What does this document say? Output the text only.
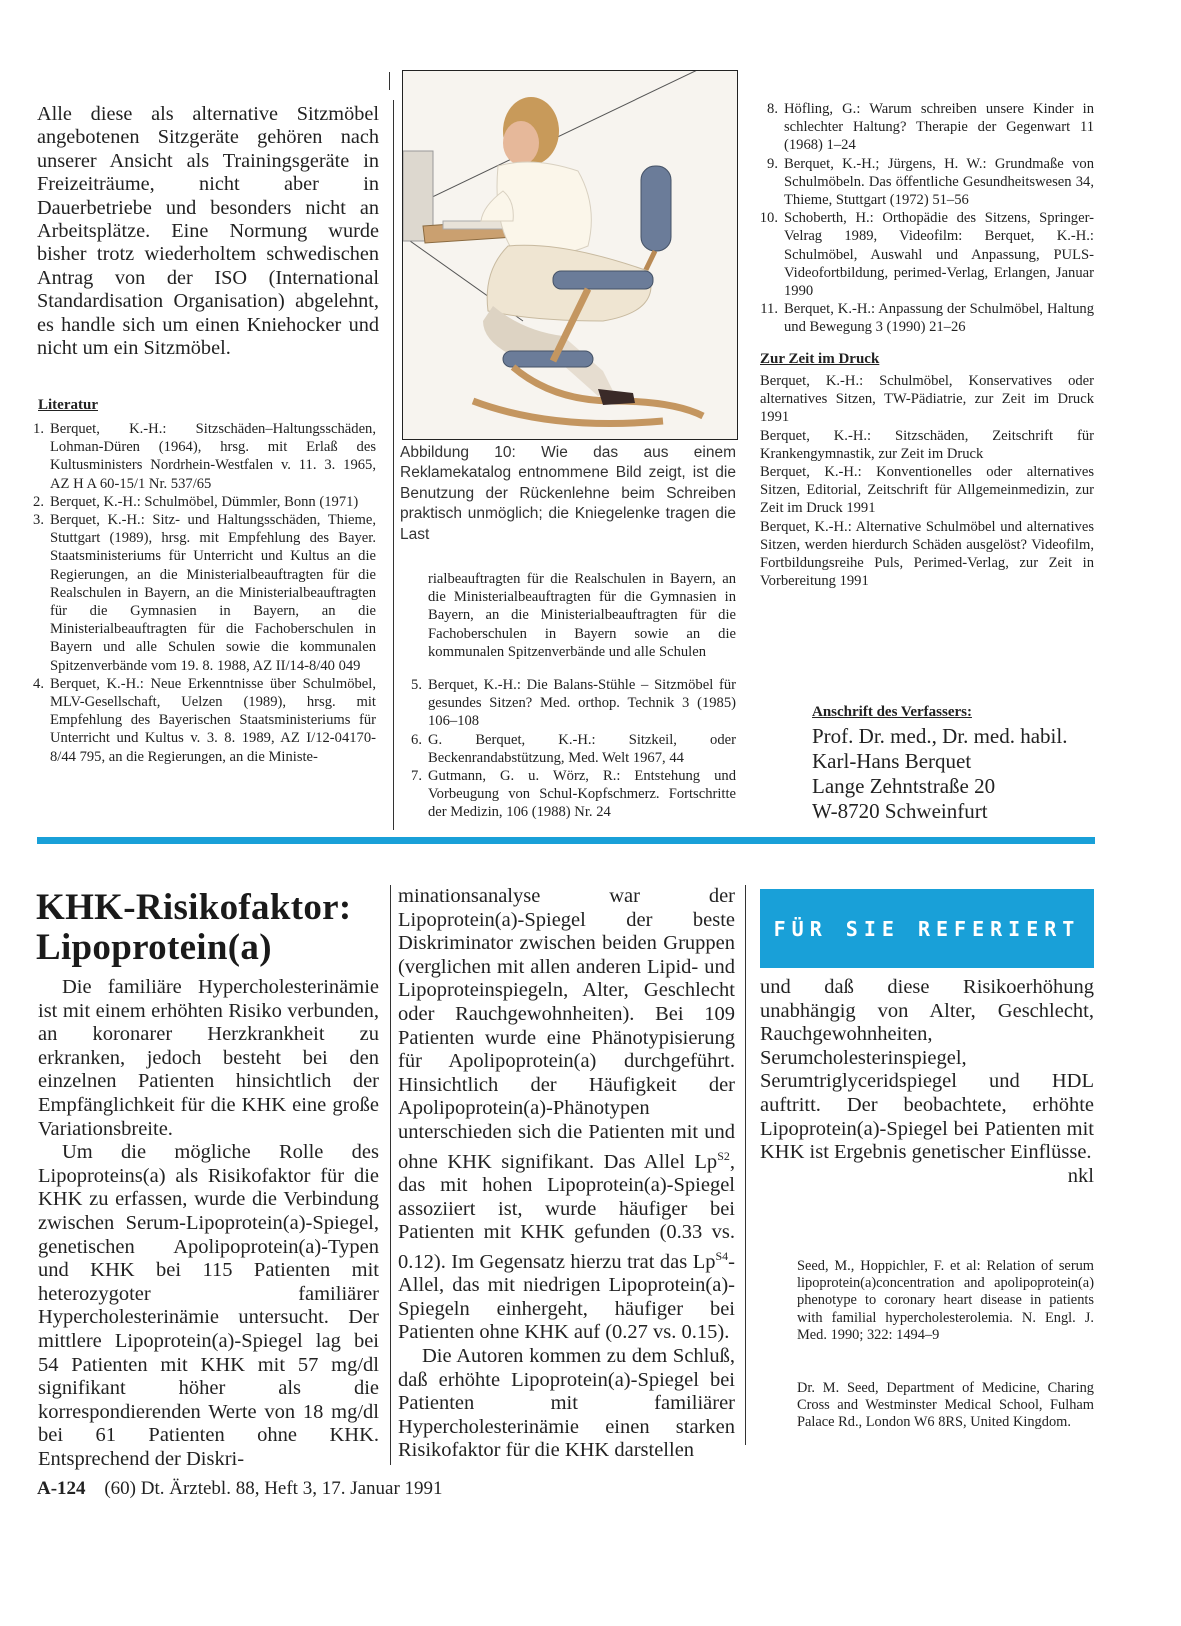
Alle diese als alternative Sitzmöbel angebotenen Sitzgeräte gehören nach unserer Ansicht als Trainingsgeräte in Freizeiträume, nicht aber in Dauerbetriebe und besonders nicht an Arbeitsplätze. Eine Normung wurde bisher trotz wiederholtem schwedischen Antrag von der ISO (International Standardisation Organisation) abgelehnt, es handle sich um einen Kniehocker und nicht um ein Sitzmöbel.
Literatur
1. Berquet, K.-H.: Sitzschäden–Haltungsschäden, Lohman-Düren (1964), hrsg. mit Erlaß des Kultusministers Nordrhein-Westfalen v. 11. 3. 1965, AZ H A 60-15/1 Nr. 537/65
2. Berquet, K.-H.: Schulmöbel, Dümmler, Bonn (1971)
3. Berquet, K.-H.: Sitz- und Haltungsschäden, Thieme, Stuttgart (1989), hrsg. mit Empfehlung des Bayer. Staatsministeriums für Unterricht und Kultus an die Regierungen, an die Ministerialbeauftragten für die Realschulen in Bayern, an die Ministerialbeauftragten für die Gymnasien in Bayern, an die Ministerialbeauftragten für die Fachoberschulen in Bayern und alle Schulen sowie die kommunalen Spitzenverbände vom 19. 8. 1988, AZ II/14-8/40 049
4. Berquet, K.-H.: Neue Erkenntnisse über Schulmöbel, MLV-Gesellschaft, Uelzen (1989), hrsg. mit Empfehlung des Bayerischen Staatsministeriums für Unterricht und Kultus v. 3. 8. 1989, AZ I/12-04170- 8/44 795, an die Regierungen, an die Ministe-
Abbildung 10: Wie das aus einem Reklamekatalog entnommene Bild zeigt, ist die Benutzung der Rückenlehne beim Schreiben praktisch unmöglich; die Kniegelenke tragen die Last
rialbeauftragten für die Realschulen in Bayern, an die Ministerialbeauftragten für die Gymnasien in Bayern, an die Ministerialbeauftragten für die Fachoberschulen in Bayern sowie an die kommunalen Spitzenverbände und alle Schulen
5. Berquet, K.-H.: Die Balans-Stühle – Sitzmöbel für gesundes Sitzen? Med. orthop. Technik 3 (1985) 106–108
6. G. Berquet, K.-H.: Sitzkeil, oder Beckenrandabstützung, Med. Welt 1967, 44
7. Gutmann, G. u. Wörz, R.: Entstehung und Vorbeugung von Schul-Kopfschmerz. Fortschritte der Medizin, 106 (1988) Nr. 24
8. Höfling, G.: Warum schreiben unsere Kinder in schlechter Haltung? Therapie der Gegenwart 11 (1968) 1–24
9. Berquet, K.-H.; Jürgens, H. W.: Grundmaße von Schulmöbeln. Das öffentliche Gesundheitswesen 34, Thieme, Stuttgart (1972) 51–56
10. Schoberth, H.: Orthopädie des Sitzens, Springer-Velrag 1989, Videofilm: Berquet, K.-H.: Schulmöbel, Auswahl und Anpassung, PULS-Videofortbildung, perimed-Verlag, Erlangen, Januar 1990
11. Berquet, K.-H.: Anpassung der Schulmöbel, Haltung und Bewegung 3 (1990) 21–26
Zur Zeit im Druck
Berquet, K.-H.: Schulmöbel, Konservatives oder alternatives Sitzen, TW-Pädiatrie, zur Zeit im Druck 1991
Berquet, K.-H.: Sitzschäden, Zeitschrift für Krankengymnastik, zur Zeit im Druck
Berquet, K.-H.: Konventionelles oder alternatives Sitzen, Editorial, Zeitschrift für Allgemeinmedizin, zur Zeit im Druck 1991
Berquet, K.-H.: Alternative Schulmöbel und alternatives Sitzen, werden hierdurch Schäden ausgelöst? Videofilm, Fortbildungsreihe Puls, Perimed-Verlag, zur Zeit in Vorbereitung 1991
Anschrift des Verfassers:
Prof. Dr. med., Dr. med. habil.
Karl-Hans Berquet
Lange Zehntstraße 20
W-8720 Schweinfurt
KHK-Risikofaktor:
Lipoprotein(a)
Die familiäre Hypercholesterinämie ist mit einem erhöhten Risiko verbunden, an koronarer Herzkrankheit zu erkranken, jedoch besteht bei den einzelnen Patienten hinsichtlich der Empfänglichkeit für die KHK eine große Variationsbreite.
Um die mögliche Rolle des Lipoproteins(a) als Risikofaktor für die KHK zu erfassen, wurde die Verbindung zwischen Serum-Lipoprotein(a)-Spiegel, genetischen Apolipoprotein(a)-Typen und KHK bei 115 Patienten mit heterozygoter familiärer Hypercholesterinämie untersucht. Der mittlere Lipoprotein(a)-Spiegel lag bei 54 Patienten mit KHK mit 57 mg/dl signifikant höher als die korrespondierenden Werte von 18 mg/dl bei 61 Patienten ohne KHK. Entsprechend der Diskri-
minationsanalyse war der Lipoprotein(a)-Spiegel der beste Diskriminator zwischen beiden Gruppen (verglichen mit allen anderen Lipid- und Lipoproteinspiegeln, Alter, Geschlecht oder Rauchgewohnheiten). Bei 109 Patienten wurde eine Phänotypisierung für Apolipoprotein(a) durchgeführt. Hinsichtlich der Häufigkeit der Apolipoprotein(a)-Phänotypen unterschieden sich die Patienten mit und ohne KHK signifikant. Das Allel $Lp^{S2}$, das mit hohen Lipoprotein(a)-Spiegel assoziiert ist, wurde häufiger bei Patienten mit KHK gefunden (0.33 vs. 0.12). Im Gegensatz hierzu trat das $Lp^{S4}$-Allel, das mit niedrigen Lipoprotein(a)-Spiegeln einhergeht, häufiger bei Patienten ohne KHK auf (0.27 vs. 0.15).
Die Autoren kommen zu dem Schluß, daß erhöhte Lipoprotein(a)-Spiegel bei Patienten mit familiärer Hypercholesterinämie einen starken Risikofaktor für die KHK darstellen
FÜR SIE REFERIERT
und daß diese Risikoerhöhung unabhängig von Alter, Geschlecht, Rauchgewohnheiten, Serumcholesterinspiegel, Serumtriglyceridspiegel und HDL auftritt. Der beobachtete, erhöhte Lipoprotein(a)-Spiegel bei Patienten mit KHK ist Ergebnis genetischer Einflüsse.
nkl
Seed, M., Hoppichler, F. et al: Relation of serum lipoprotein(a)concentration and apolipoprotein(a) phenotype to coronary heart disease in patients with familial hypercholesterolemia. N. Engl. J. Med. 1990; 322: 1494–9
Dr. M. Seed, Department of Medicine, Charing Cross and Westminster Medical School, Fulham Palace Rd., London W6 8RS, United Kingdom.
A-124 (60) Dt. Ärztebl. 88, Heft 3, 17. Januar 1991
